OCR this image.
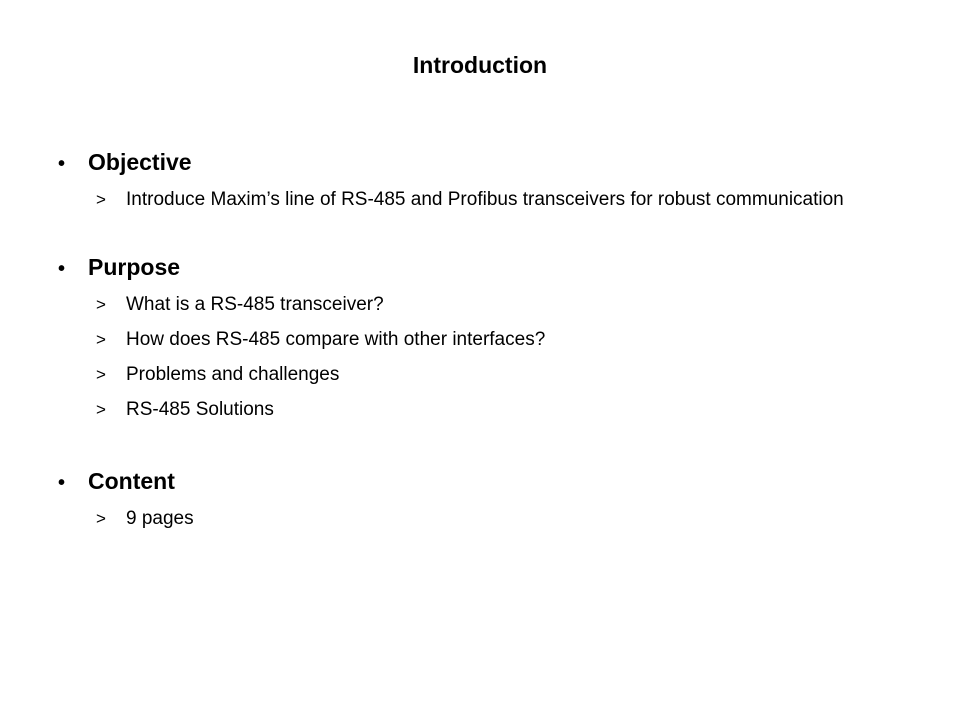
Introduction
• Objective
>	Introduce Maxim’s line of RS-485 and Profibus transceivers for robust communication
• Purpose
>	What is a RS-485 transceiver?
>	How does RS-485 compare with other interfaces?
>	Problems and challenges
>	RS-485 Solutions
• Content
>	9 pages
